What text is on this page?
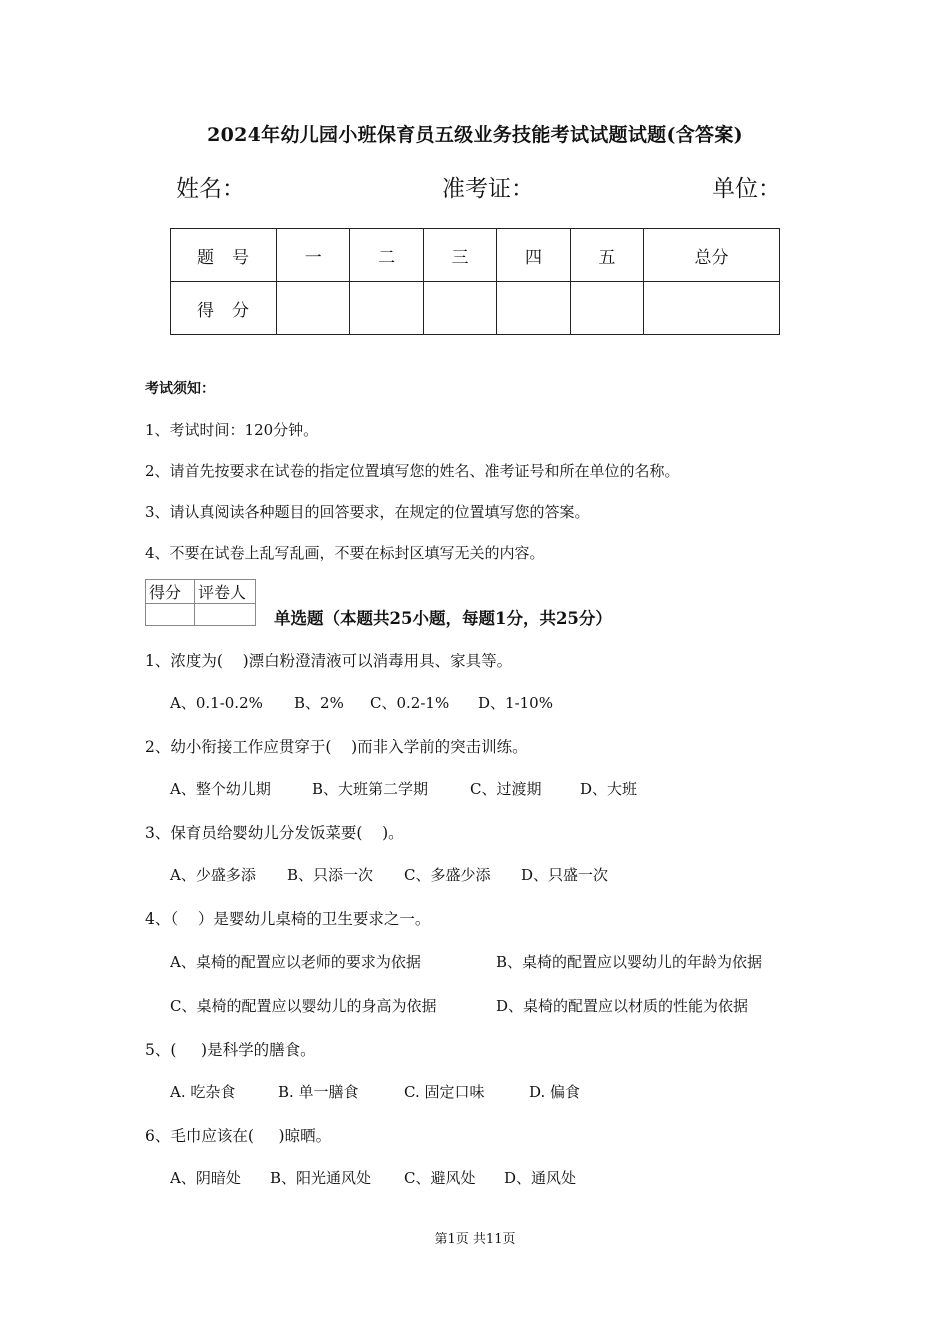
2024年幼儿园小班保育员五级业务技能考试试题试题(含答案)
姓名：	准考证：	单位：
题号	一	二	三	四	五	总分
得分						
考试须知：
1、考试时间：120分钟。
2、请首先按要求在试卷的指定位置填写您的姓名、准考证号和所在单位的名称。
3、请认真阅读各种题目的回答要求，在规定的位置填写您的答案。
4、不要在试卷上乱写乱画，不要在标封区填写无关的内容。
得分	评卷人

单选题（本题共25小题，每题1分，共25分）
1、浓度为(    )漂白粉澄清液可以消毒用具、家具等。
A、0.1-0.2% B、2% C、0.2-1% D、1-10%
2、幼小衔接工作应贯穿于(    )而非入学前的突击训练。
A、整个幼儿期	B、大班第二学期	C、过渡期	D、大班
3、保育员给婴幼儿分发饭菜要(    )。
A、少盛多添 B、只添一次 C、多盛少添 D、只盛一次
4、（    ）是婴幼儿桌椅的卫生要求之一。
A、桌椅的配置应以老师的要求为依据	B、桌椅的配置应以婴幼儿的年龄为依据
C、桌椅的配置应以婴幼儿的身高为依据	D、桌椅的配置应以材质的性能为依据
5、(     )是科学的膳食。
A. 吃杂食	B. 单一膳食	C. 固定口味	D. 偏食
6、毛巾应该在(     )晾晒。
A、阴暗处 B、阳光通风处 C、避风处 D、通风处
第1页 共11页
